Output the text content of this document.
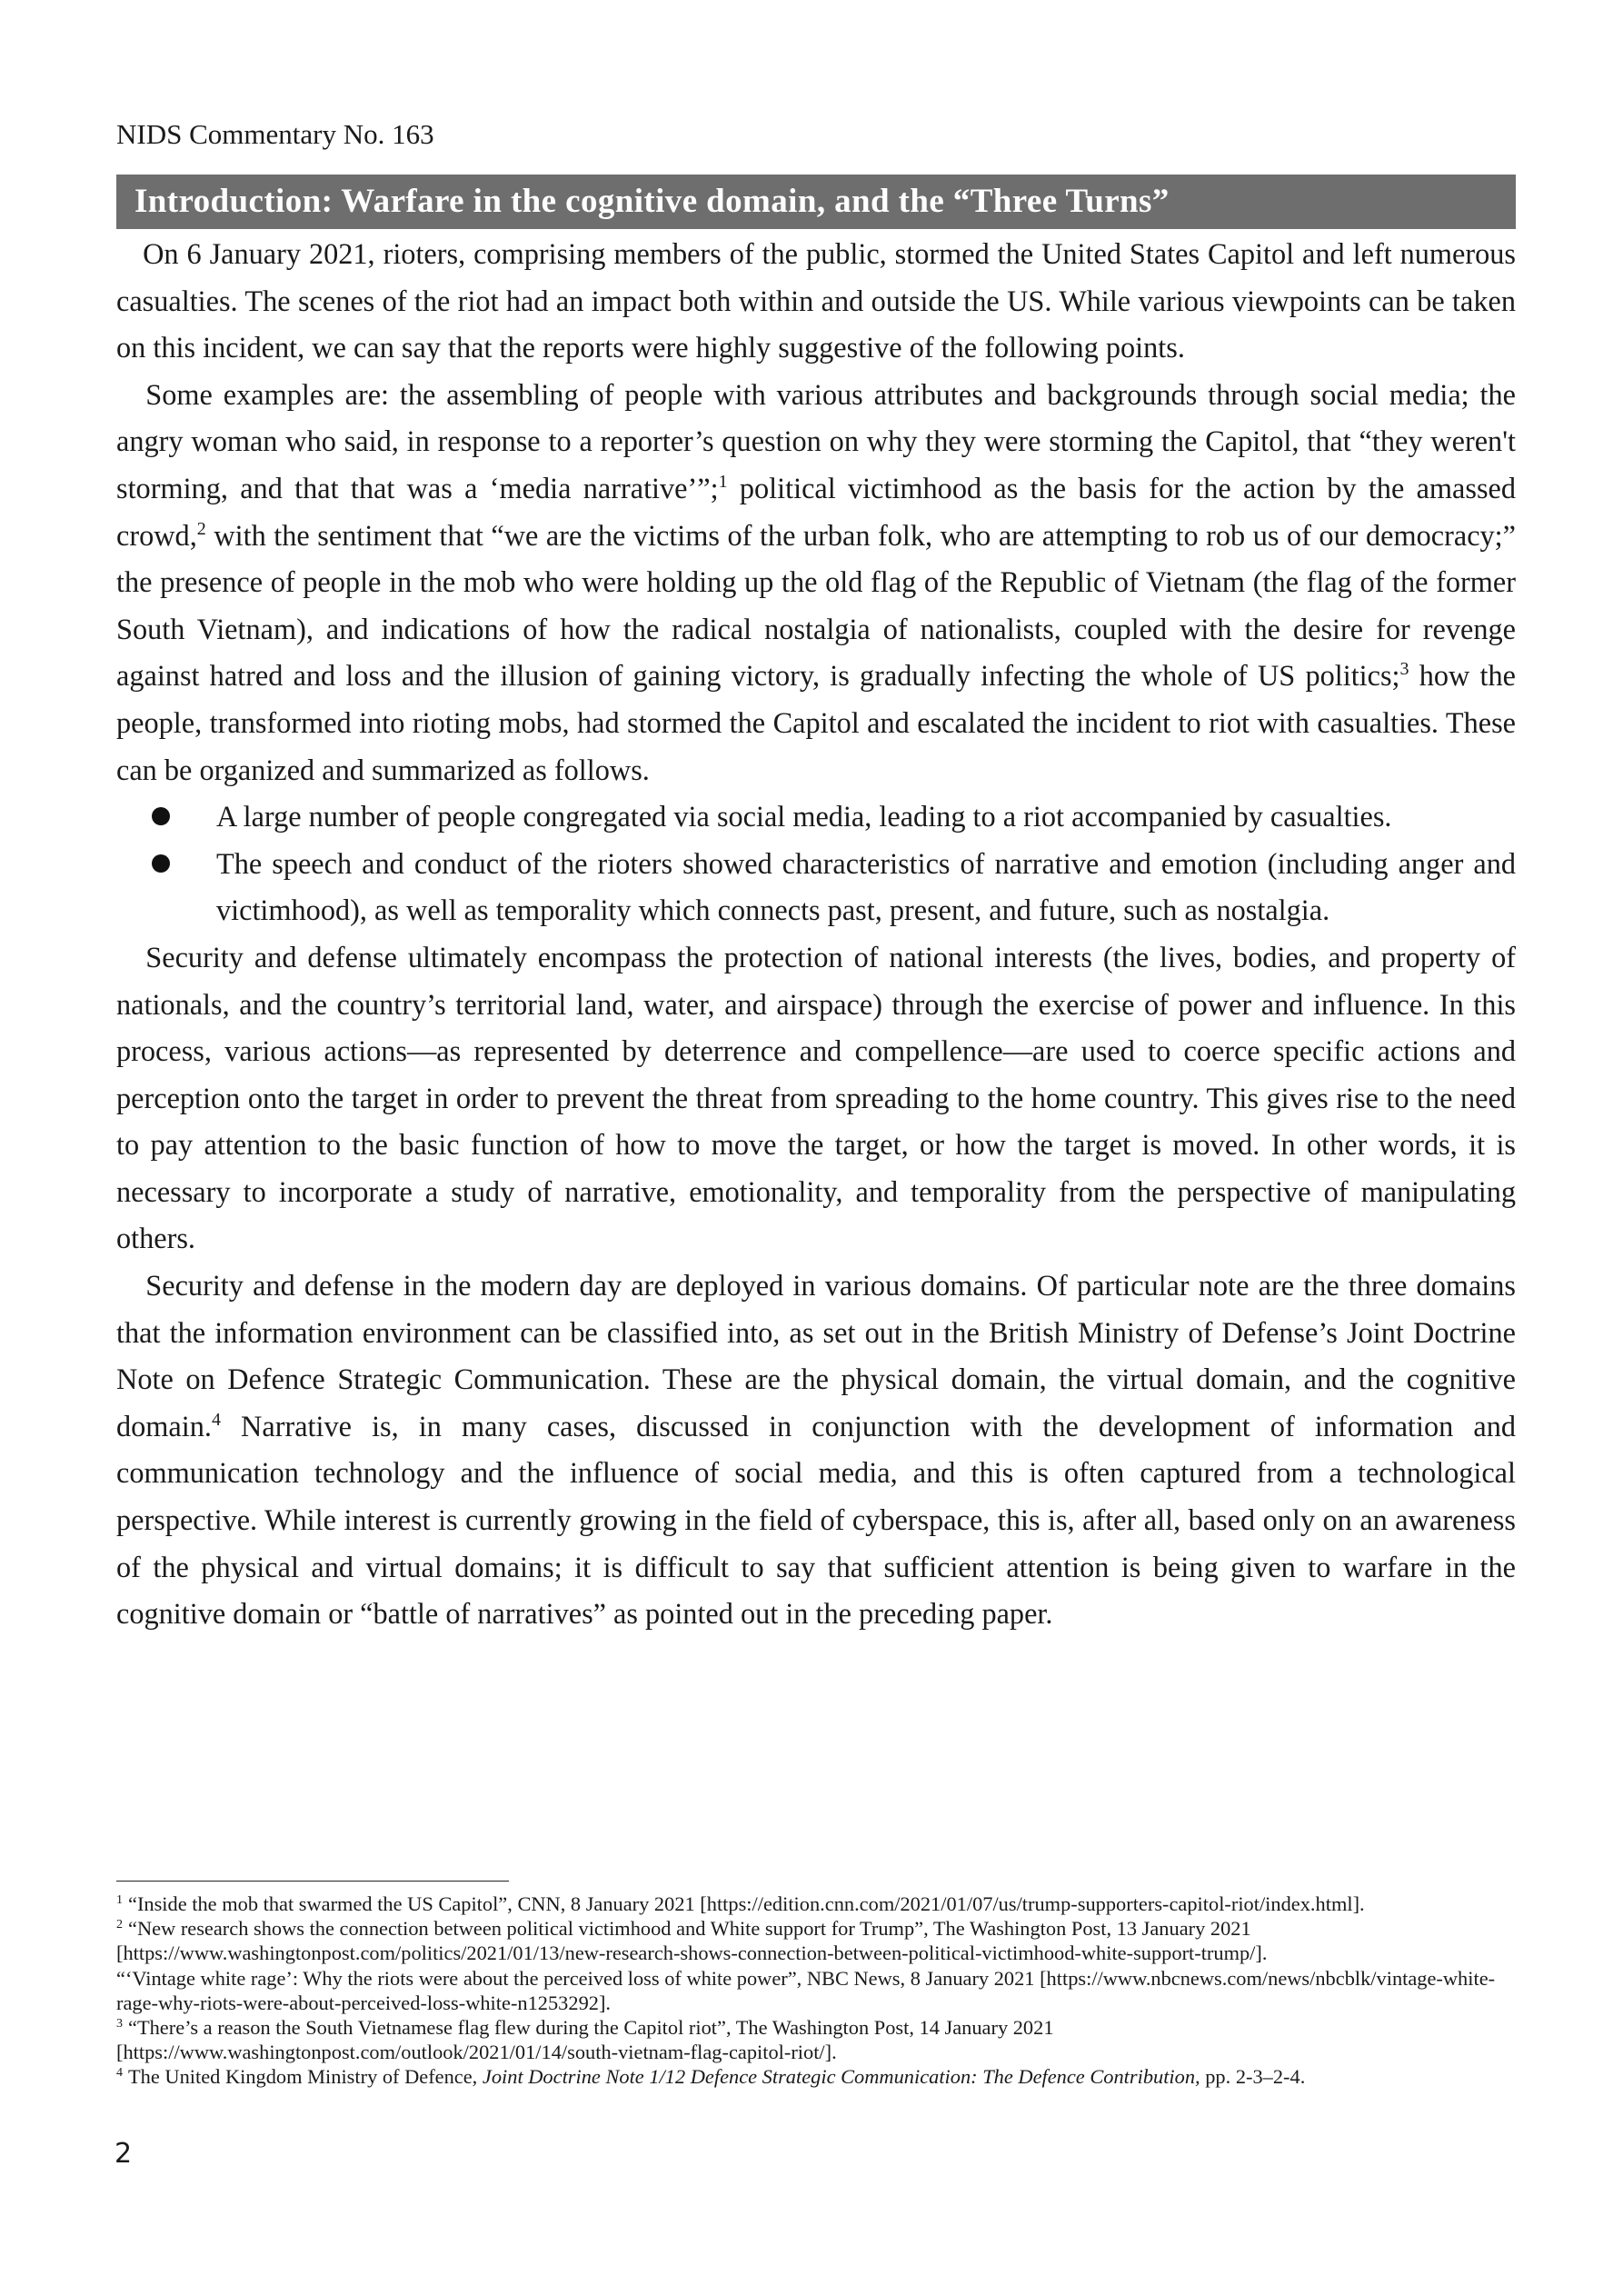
NIDS Commentary No. 163
Introduction: Warfare in the cognitive domain, and the “Three Turns”

On 6 January 2021, rioters, comprising members of the public, stormed the United States Capitol and left numerous casualties. The scenes of the riot had an impact both within and outside the US. While various viewpoints can be taken on this incident, we can say that the reports were highly suggestive of the following points.

Some examples are: the assembling of people with various attributes and backgrounds through social media; the angry woman who said, in response to a reporter’s question on why they were storming the Capitol, that “they weren't storming, and that that was a ‘media narrative’”;$^1$ political victimhood as the basis for the action by the amassed crowd,$^2$ with the sentiment that “we are the victims of the urban folk, who are attempting to rob us of our democracy;” the presence of people in the mob who were holding up the old flag of the Republic of Vietnam (the flag of the former South Vietnam), and indications of how the radical nostalgia of nationalists, coupled with the desire for revenge against hatred and loss and the illusion of gaining victory, is gradually infecting the whole of US politics;$^3$ how the people, transformed into rioting mobs, had stormed the Capitol and escalated the incident to riot with casualties. These can be organized and summarized as follows.

A large number of people congregated via social media, leading to a riot accompanied by casualties.
The speech and conduct of the rioters showed characteristics of narrative and emotion (including anger and victimhood), as well as temporality which connects past, present, and future, such as nostalgia.

Security and defense ultimately encompass the protection of national interests (the lives, bodies, and property of nationals, and the country’s territorial land, water, and airspace) through the exercise of power and influence. In this process, various actions—as represented by deterrence and compellence—are used to coerce specific actions and perception onto the target in order to prevent the threat from spreading to the home country. This gives rise to the need to pay attention to the basic function of how to move the target, or how the target is moved. In other words, it is necessary to incorporate a study of narrative, emotionality, and temporality from the perspective of manipulating others.

Security and defense in the modern day are deployed in various domains. Of particular note are the three domains that the information environment can be classified into, as set out in the British Ministry of Defense’s Joint Doctrine Note on Defence Strategic Communication. These are the physical domain, the virtual domain, and the cognitive domain.$^4$ Narrative is, in many cases, discussed in conjunction with the development of information and communication technology and the influence of social media, and this is often captured from a technological perspective. While interest is currently growing in the field of cyberspace, this is, after all, based only on an awareness of the physical and virtual domains; it is difficult to say that sufficient attention is being given to warfare in the cognitive domain or “battle of narratives” as pointed out in the preceding paper.

$^1$ “Inside the mob that swarmed the US Capitol”, CNN, 8 January 2021 [https://edition.cnn.com/2021/01/07/us/trump-supporters-capitol-riot/index.html].

$^2$ “New research shows the connection between political victimhood and White support for Trump”, The Washington Post, 13 January 2021 [https://www.washingtonpost.com/politics/2021/01/13/new-research-shows-connection-between-political-victimhood-white-support-trump/].

“‘Vintage white rage’: Why the riots were about the perceived loss of white power”, NBC News, 8 January 2021 [https://www.nbcnews.com/news/nbcblk/vintage-white-rage-why-riots-were-about-perceived-loss-white-n1253292].

$^3$ “There’s a reason the South Vietnamese flag flew during the Capitol riot”, The Washington Post, 14 January 2021 [https://www.washingtonpost.com/outlook/2021/01/14/south-vietnam-flag-capitol-riot/].

$^4$ The United Kingdom Ministry of Defence, Joint Doctrine Note 1/12 Defence Strategic Communication: The Defence Contribution, pp. 2-3–2-4.

2
